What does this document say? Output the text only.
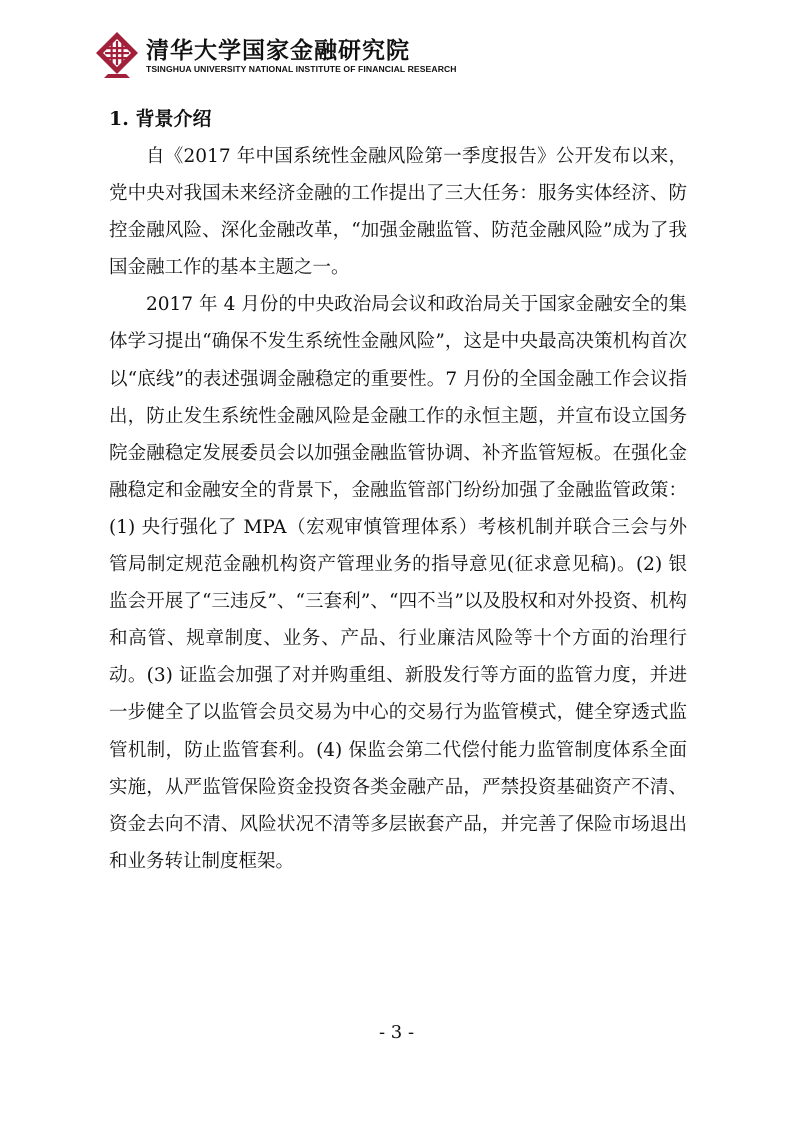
清华大学国家金融研究院
TSINGHUA UNIVERSITY NATIONAL INSTITUTE OF FINANCIAL RESEARCH
1. 背景介绍

自《2017 年中国系统性金融风险第一季度报告》公开发布以来，党中央对我国未来经济金融的工作提出了三大任务：服务实体经济、防控金融风险、深化金融改革，“加强金融监管、防范金融风险”成为了我国金融工作的基本主题之一。

2017 年 4 月份的中央政治局会议和政治局关于国家金融安全的集体学习提出“确保不发生系统性金融风险”，这是中央最高决策机构首次以“底线”的表述强调金融稳定的重要性。7 月份的全国金融工作会议指出，防止发生系统性金融风险是金融工作的永恒主题，并宣布设立国务院金融稳定发展委员会以加强金融监管协调、补齐监管短板。在强化金融稳定和金融安全的背景下，金融监管部门纷纷加强了金融监管政策：(1) 央行强化了 MPA（宏观审慎管理体系）考核机制并联合三会与外管局制定规范金融机构资产管理业务的指导意见(征求意见稿)。(2) 银监会开展了“三违反”、“三套利”、“四不当”以及股权和对外投资、机构和高管、规章制度、业务、产品、行业廉洁风险等十个方面的治理行动。(3) 证监会加强了对并购重组、新股发行等方面的监管力度，并进一步健全了以监管会员交易为中心的交易行为监管模式，健全穿透式监管机制，防止监管套利。(4) 保监会第二代偿付能力监管制度体系全面实施，从严监管保险资金投资各类金融产品，严禁投资基础资产不清、资金去向不清、风险状况不清等多层嵌套产品，并完善了保险市场退出和业务转让制度框架。

- 3 -
